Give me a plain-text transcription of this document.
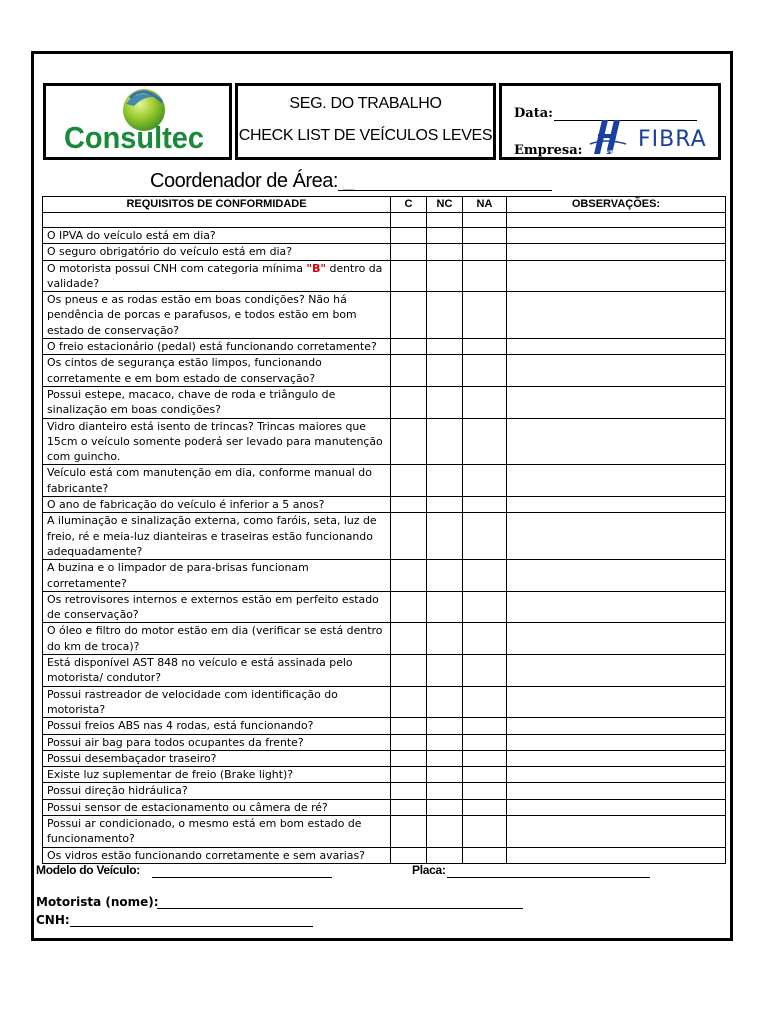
Consultec
SEG. DO TRABALHO
CHECK LIST DE VEÍCULOS LEVES
Data:
Empresa:	NET
FIBRA
Coordenador de Área: _
REQUISITOS DE CONFORMIDADE	C	NC	NA	OBSERVAÇÕES:

O IPVA do veículo está em dia?				
O seguro obrigatório do veículo está em dia?				
O motorista possui CNH com categoria mínima "B" dentro da validade?				
Os pneus e as rodas estão em boas condições? Não há pendência de porcas e parafusos, e todos estão em bom estado de conservação?				
O freio estacionário (pedal) está funcionando corretamente?				
Os cintos de segurança estão limpos, funcionando corretamente e em bom estado de conservação?				
Possui estepe, macaco, chave de roda e triângulo de sinalização em boas condições?				
Vidro dianteiro está isento de trincas? Trincas maiores que 15cm o veículo somente poderá ser levado para manutenção com guincho.				
Veículo está com manutenção em dia, conforme manual do fabricante?				
O ano de fabricação do veículo é inferior a 5 anos?				
A iluminação e sinalização externa, como faróis, seta, luz de freio, ré e meia-luz dianteiras e traseiras estão funcionando adequadamente?				
A buzina e o limpador de para-brisas funcionam corretamente?				
Os retrovisores internos e externos estão em perfeito estado de conservação?				
O óleo e filtro do motor estão em dia (verificar se está dentro do km de troca)?				
Está disponível AST 848 no veículo e está assinada pelo motorista/ condutor?				
Possui rastreador de velocidade com identificação do motorista?				
Possui freios ABS nas 4 rodas, está funcionando?				
Possui air bag para todos ocupantes da frente?				
Possui desembaçador traseiro?				
Existe luz suplementar de freio (Brake light)?				
Possui direção hidráulica?				
Possui sensor de estacionamento ou câmera de ré?				
Possui ar condicionado, o mesmo está em bom estado de funcionamento?				
Os vidros estão funcionando corretamente e sem avarias?				
Modelo do Veículo:	Placa:
Motorista (nome):
CNH:
